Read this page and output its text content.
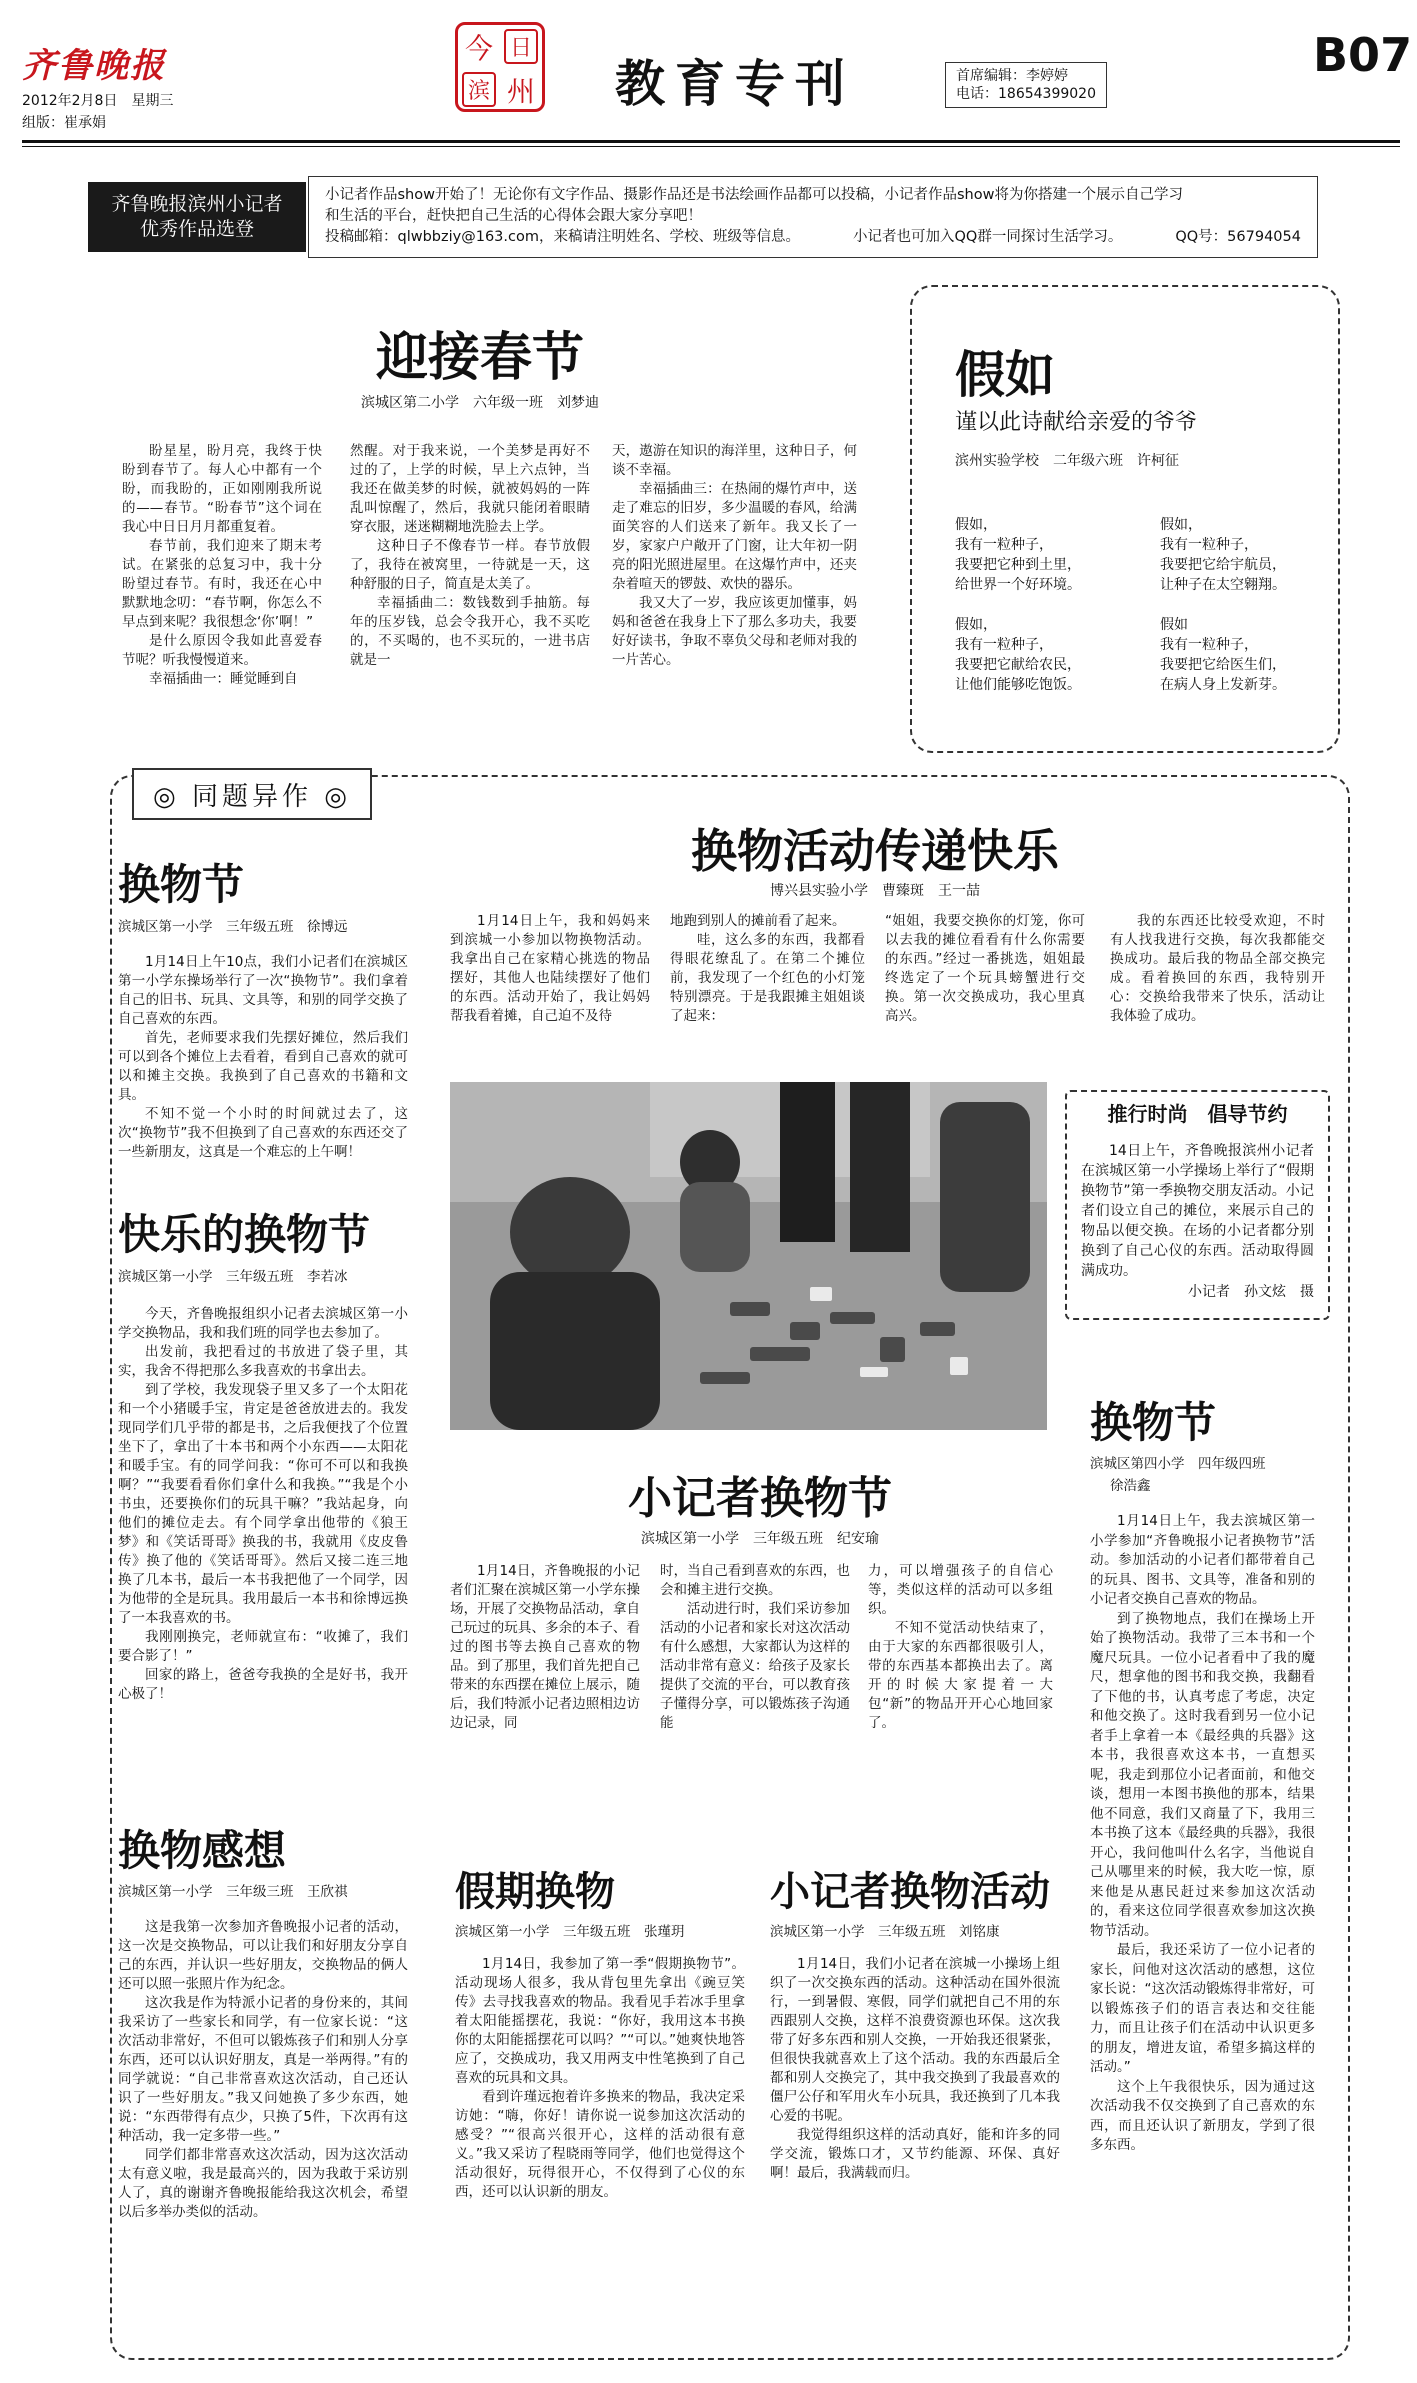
齐鲁晚报
2012年2月8日　星期三
组版：崔承娟
今 日
滨 州 教育专刊	首席编辑：李婷婷
电话：18654399020
B07
齐鲁晚报滨州小记者
优秀作品选登
小记者作品show开始了！无论你有文字作品、摄影作品还是书法绘画作品都可以投稿，小记者作品show将为你搭建一个展示自己学习
和生活的平台，赶快把自己生活的心得体会跟大家分享吧！
投稿邮箱：qlwbbziy@163.com，来稿请注明姓名、学校、班级等信息。	小记者也可加入QQ群一同探讨生活学习。	QQ号：56794054
迎接春节
滨城区第二小学　六年级一班　刘梦迪

盼星星，盼月亮，我终于快盼到春节了。每人心中都有一个盼，而我盼的，正如刚刚我所说的——春节。“盼春节”这个词在我心中日日月月都重复着。

春节前，我们迎来了期末考试。在紧张的总复习中，我十分盼望过春节。有时，我还在心中默默地念叨：“春节啊，你怎么不早点到来呢？我很想念‘你’啊！”

是什么原因令我如此喜爱春节呢？听我慢慢道来。

幸福插曲一：睡觉睡到自

然醒。对于我来说，一个美梦是再好不过的了，上学的时候，早上六点钟，当我还在做美梦的时候，就被妈妈的一阵乱叫惊醒了，然后，我就只能闭着眼睛穿衣服，迷迷糊糊地洗脸去上学。

这种日子不像春节一样。春节放假了，我待在被窝里，一待就是一天，这种舒服的日子，简直是太美了。

幸福插曲二：数钱数到手抽筋。每年的压岁钱，总会令我开心，我不买吃的，不买喝的，也不买玩的，一进书店就是一

天，遨游在知识的海洋里，这种日子，何谈不幸福。

幸福插曲三：在热闹的爆竹声中，送走了难忘的旧岁，多少温暖的春风，给满面笑容的人们送来了新年。我又长了一岁，家家户户敞开了门窗，让大年初一阴亮的阳光照进屋里。在这爆竹声中，还夹杂着喧天的锣鼓、欢快的器乐。

我又大了一岁，我应该更加懂事，妈妈和爸爸在我身上下了那么多功夫，我要好好读书，争取不辜负父母和老师对我的一片苦心。

假如
谨以此诗献给亲爱的爷爷
滨州实验学校　二年级六班　许柯征
假如，
我有一粒种子，
我要把它种到土里，
给世界一个好环境。
假如，
我有一粒种子，
我要把它给宇航员，
让种子在太空翱翔。
假如，
我有一粒种子，
我要把它献给农民，
让他们能够吃饱饭。
假如
我有一粒种子，
我要把它给医生们，
在病人身上发新芽。
◎ 同题异作 ◎
换物节
滨城区第一小学　三年级五班　徐博远

1月14日上午10点，我们小记者们在滨城区第一小学东操场举行了一次“换物节”。我们拿着自己的旧书、玩具、文具等，和别的同学交换了自己喜欢的东西。

首先，老师要求我们先摆好摊位，然后我们可以到各个摊位上去看着，看到自己喜欢的就可以和摊主交换。我换到了自己喜欢的书籍和文具。

不知不觉一个小时的时间就过去了，这次“换物节”我不但换到了自己喜欢的东西还交了一些新朋友，这真是一个难忘的上午啊！

快乐的换物节
滨城区第一小学　三年级五班　李若冰

今天，齐鲁晚报组织小记者去滨城区第一小学交换物品，我和我们班的同学也去参加了。

出发前，我把看过的书放进了袋子里，其实，我舍不得把那么多我喜欢的书拿出去。

到了学校，我发现袋子里又多了一个太阳花和一个小猪暖手宝，肯定是爸爸放进去的。我发现同学们几乎带的都是书，之后我便找了个位置坐下了，拿出了十本书和两个小东西——太阳花和暖手宝。有的同学问我：“你可不可以和我换啊？”“我要看看你们拿什么和我换。”“我是个小书虫，还要换你们的玩具干嘛？”我站起身，向他们的摊位走去。有个同学拿出他带的《狼王梦》和《笑话哥哥》换我的书，我就用《皮皮鲁传》换了他的《笑话哥哥》。然后又接二连三地换了几本书，最后一本书我把他了一个同学，因为他带的全是玩具。我用最后一本书和徐博远换了一本我喜欢的书。

我刚刚换完，老师就宣布：“收摊了，我们要合影了！”

回家的路上，爸爸夸我换的全是好书，我开心极了！

换物感想
滨城区第一小学　三年级三班　王欣祺

这是我第一次参加齐鲁晚报小记者的活动，这一次是交换物品，可以让我们和好朋友分享自己的东西，并认识一些好朋友，交换物品的俩人还可以照一张照片作为纪念。

这次我是作为特派小记者的身份来的，其间我采访了一些家长和同学，有一位家长说：“这次活动非常好，不但可以锻炼孩子们和别人分享东西，还可以认识好朋友，真是一举两得。”有的同学就说：“自己非常喜欢这次活动，自己还认识了一些好朋友。”我又问她换了多少东西，她说：“东西带得有点少，只换了5件，下次再有这种活动，我一定多带一些。”

同学们都非常喜欢这次活动，因为这次活动太有意义啦，我是最高兴的，因为我敢于采访别人了，真的谢谢齐鲁晚报能给我这次机会，希望以后多举办类似的活动。

换物活动传递快乐
博兴县实验小学　曹臻斑　王一喆

1月14日上午，我和妈妈来到滨城一小参加以物换物活动。我拿出自己在家精心挑选的物品摆好，其他人也陆续摆好了他们的东西。活动开始了，我让妈妈帮我看着摊，自己迫不及待

地跑到别人的摊前看了起来。

哇，这么多的东西，我都看得眼花缭乱了。在第二个摊位前，我发现了一个红色的小灯笼特别漂亮。于是我跟摊主姐姐谈了起来：

“姐姐，我要交换你的灯笼，你可以去我的摊位看看有什么你需要的东西。”经过一番挑选，姐姐最终选定了一个玩具螃蟹进行交换。第一次交换成功，我心里真高兴。

我的东西还比较受欢迎，不时有人找我进行交换，每次我都能交换成功。最后我的物品全部交换完成。看着换回的东西，我特别开心：交换给我带来了快乐，活动让我体验了成功。

推行时尚　倡导节约

14日上午，齐鲁晚报滨州小记者在滨城区第一小学操场上举行了“假期换物节”第一季换物交朋友活动。小记者们设立自己的摊位，来展示自己的物品以便交换。在场的小记者都分别换到了自己心仪的东西。活动取得圆满成功。

小记者　孙文炫　摄
小记者换物节
滨城区第一小学　三年级五班　纪安瑜

1月14日，齐鲁晚报的小记者们汇聚在滨城区第一小学东操场，开展了交换物品活动，拿自己玩过的玩具、多余的本子、看过的图书等去换自己喜欢的物品。到了那里，我们首先把自己带来的东西摆在摊位上展示，随后，我们特派小记者边照相边访边记录，同

时，当自己看到喜欢的东西，也会和摊主进行交换。

活动进行时，我们采访参加活动的小记者和家长对这次活动有什么感想，大家都认为这样的活动非常有意义：给孩子及家长提供了交流的平台，可以教育孩子懂得分享，可以锻炼孩子沟通能

力，可以增强孩子的自信心等，类似这样的活动可以多组织。

不知不觉活动快结束了，由于大家的东西都很吸引人，带的东西基本都换出去了。离开的时候大家提着一大包“新”的物品开开心心地回家了。

换物节
滨城区第四小学　四年级四班
徐浩鑫

1月14日上午，我去滨城区第一小学参加“齐鲁晚报小记者换物节”活动。参加活动的小记者们都带着自己的玩具、图书、文具等，准备和别的小记者交换自己喜欢的物品。

到了换物地点，我们在操场上开始了换物活动。我带了三本书和一个魔尺玩具。一位小记者看中了我的魔尺，想拿他的图书和我交换，我翻看了下他的书，认真考虑了考虑，决定和他交换了。这时我看到另一位小记者手上拿着一本《最经典的兵器》这本书，我很喜欢这本书，一直想买呢，我走到那位小记者面前，和他交谈，想用一本图书换他的那本，结果他不同意，我们又商量了下，我用三本书换了这本《最经典的兵器》，我很开心，我问他叫什么名字，当他说自己从哪里来的时候，我大吃一惊，原来他是从惠民赶过来参加这次活动的，看来这位同学很喜欢参加这次换物节活动。

最后，我还采访了一位小记者的家长，问他对这次活动的感想，这位家长说：“这次活动锻炼得非常好，可以锻炼孩子们的语言表达和交往能力，而且让孩子们在活动中认识更多的朋友，增进友谊，希望多搞这样的活动。”

这个上午我很快乐，因为通过这次活动我不仅交换到了自己喜欢的东西，而且还认识了新朋友，学到了很多东西。

假期换物
滨城区第一小学　三年级五班　张瑾玥

1月14日，我参加了第一季“假期换物节”。活动现场人很多，我从背包里先拿出《豌豆笑传》去寻找我喜欢的物品。我看见手若冰手里拿着太阳能摇摆花，我说：“你好，我用这本书换你的太阳能摇摆花可以吗？”“可以。”她爽快地答应了，交换成功，我又用两支中性笔换到了自己喜欢的玩具和文具。

看到许瑾远抱着许多换来的物品，我决定采访她：“嗨，你好！请你说一说参加这次活动的感受？”“很高兴很开心，这样的活动很有意义。”我又采访了程晓雨等同学，他们也觉得这个活动很好，玩得很开心，不仅得到了心仪的东西，还可以认识新的朋友。

小记者换物活动
滨城区第一小学　三年级五班　刘铭康

1月14日，我们小记者在滨城一小操场上组织了一次交换东西的活动。这种活动在国外很流行，一到暑假、寒假，同学们就把自己不用的东西跟别人交换，这样不浪费资源也环保。这次我带了好多东西和别人交换，一开始我还很紧张，但很快我就喜欢上了这个活动。我的东西最后全都和别人交换完了，其中我交换到了我最喜欢的僵尸公仔和军用火车小玩具，我还换到了几本我心爱的书呢。

我觉得组织这样的活动真好，能和许多的同学交流，锻炼口才，又节约能源、环保、真好啊！最后，我满载而归。
